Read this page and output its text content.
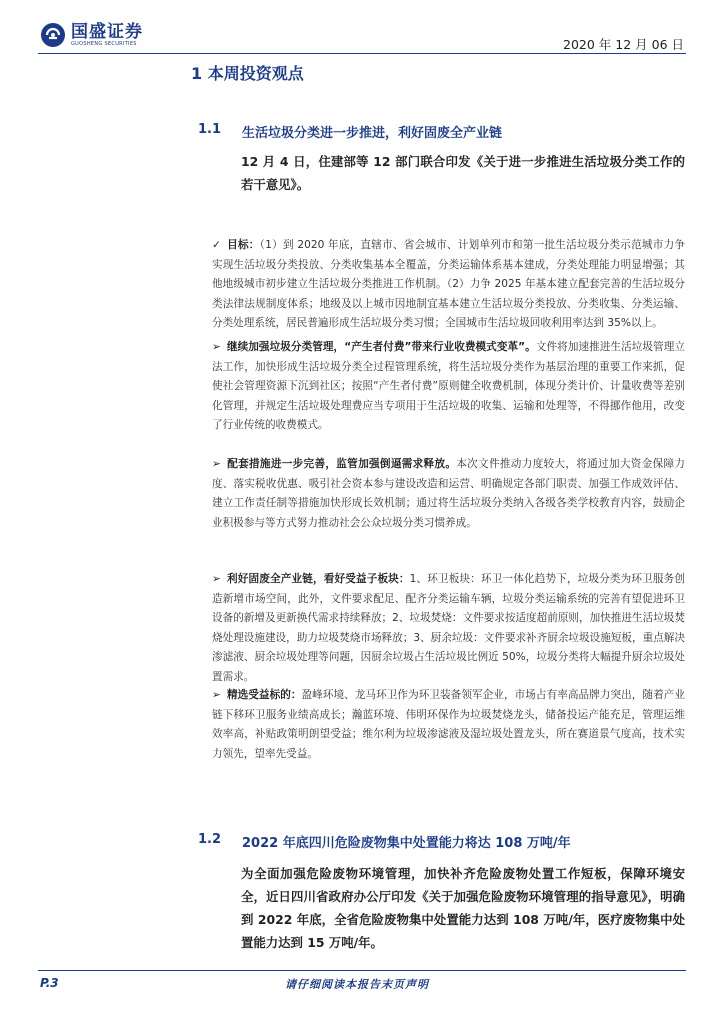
国盛证券
GUOSHENG SECURITIES	2020 年 12 月 06 日
1 本周投资观点
1.1	生活垃圾分类进一步推进，利好固废全产业链
12 月 4 日，住建部等 12 部门联合印发《关于进一步推进生活垃圾分类工作的若干意见》。
✓ 目标：（1）到 2020 年底，直辖市、省会城市、计划单列市和第一批生活垃圾分类示范城市力争实现生活垃圾分类投放、分类收集基本全覆盖，分类运输体系基本建成，分类处理能力明显增强；其他地级城市初步建立生活垃圾分类推进工作机制。（2）力争 2025 年基本建立配套完善的生活垃圾分类法律法规制度体系；地级及以上城市因地制宜基本建立生活垃圾分类投放、分类收集、分类运输、分类处理系统，居民普遍形成生活垃圾分类习惯；全国城市生活垃圾回收利用率达到 35%以上。
➢ 继续加强垃圾分类管理，“产生者付费”带来行业收费模式变革”。文件将加速推进生活垃圾管理立法工作，加快形成生活垃圾分类全过程管理系统，将生活垃圾分类作为基层治理的重要工作来抓，促使社会管理资源下沉到社区；按照“产生者付费”原则健全收费机制，体现分类计价、计量收费等差别化管理，并规定生活垃圾处理费应当专项用于生活垃圾的收集、运输和处理等，不得挪作他用，改变了行业传统的收费模式。
➢ 配套措施进一步完善，监管加强倒逼需求释放。本次文件推动力度较大，将通过加大资金保障力度、落实税收优惠、吸引社会资本参与建设改造和运营、明确规定各部门职责、加强工作成效评估、建立工作责任制等措施加快形成长效机制；通过将生活垃圾分类纳入各级各类学校教育内容，鼓励企业积极参与等方式努力推动社会公众垃圾分类习惯养成。
➢ 利好固废全产业链，看好受益子板块：1、环卫板块：环卫一体化趋势下，垃圾分类为环卫服务创造新增市场空间，此外，文件要求配足、配齐分类运输车辆，垃圾分类运输系统的完善有望促进环卫设备的新增及更新换代需求持续释放；2、垃圾焚烧：文件要求按适度超前原则，加快推进生活垃圾焚烧处理设施建设，助力垃圾焚烧市场释放；3、厨余垃圾：文件要求补齐厨余垃圾设施短板，重点解决渗滤液、厨余垃圾处理等问题，因厨余垃圾占生活垃圾比例近 50%，垃圾分类将大幅提升厨余垃圾处置需求。
➢ 精选受益标的：盈峰环境、龙马环卫作为环卫装备领军企业，市场占有率高品牌力突出，随着产业链下移环卫服务业绩高成长；瀚蓝环境、伟明环保作为垃圾焚烧龙头，储备投运产能充足，管理运维效率高，补贴政策明朗望受益；维尔利为垃圾渗滤液及湿垃圾处置龙头，所在赛道景气度高，技术实力领先，望率先受益。
1.2	2022 年底四川危险废物集中处置能力将达 108 万吨/年
为全面加强危险废物环境管理，加快补齐危险废物处置工作短板，保障环境安全，近日四川省政府办公厅印发《关于加强危险废物环境管理的指导意见》，明确到 2022 年底，全省危险废物集中处置能力达到 108 万吨/年，医疗废物集中处置能力达到 15 万吨/年。
P.3	请仔细阅读本报告末页声明
